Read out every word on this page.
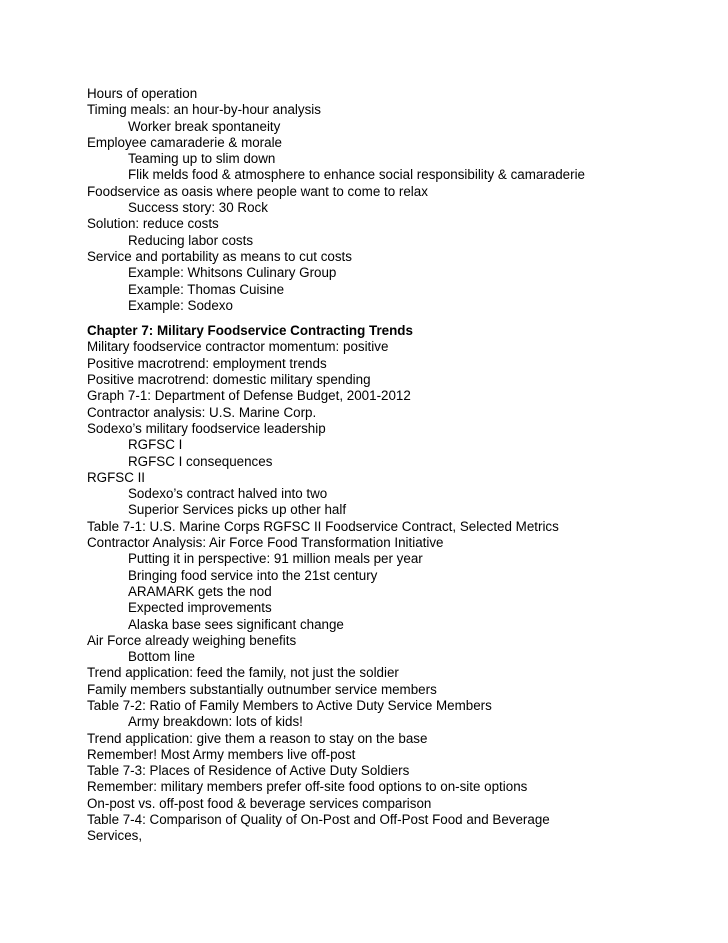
Hours of operation
Timing meals: an hour-by-hour analysis
Worker break spontaneity
Employee camaraderie & morale
Teaming up to slim down
Flik melds food & atmosphere to enhance social responsibility & camaraderie
Foodservice as oasis where people want to come to relax
Success story: 30 Rock
Solution: reduce costs
Reducing labor costs
Service and portability as means to cut costs
Example: Whitsons Culinary Group
Example: Thomas Cuisine
Example: Sodexo
Chapter 7: Military Foodservice Contracting Trends
Military foodservice contractor momentum: positive
Positive macrotrend: employment trends
Positive macrotrend: domestic military spending
Graph 7-1: Department of Defense Budget, 2001-2012
Contractor analysis: U.S. Marine Corp.
Sodexo’s military foodservice leadership
RGFSC I
RGFSC I consequences
RGFSC II
Sodexo’s contract halved into two
Superior Services picks up other half
Table 7-1: U.S. Marine Corps RGFSC II Foodservice Contract, Selected Metrics
Contractor Analysis: Air Force Food Transformation Initiative
Putting it in perspective: 91 million meals per year
Bringing food service into the 21st century
ARAMARK gets the nod
Expected improvements
Alaska base sees significant change
Air Force already weighing benefits
Bottom line
Trend application: feed the family, not just the soldier
Family members substantially outnumber service members
Table 7-2: Ratio of Family Members to Active Duty Service Members
Army breakdown: lots of kids!
Trend application: give them a reason to stay on the base
Remember! Most Army members live off-post
Table 7-3: Places of Residence of Active Duty Soldiers
Remember: military members prefer off-site food options to on-site options
On-post vs. off-post food & beverage services comparison
Table 7-4: Comparison of Quality of On-Post and Off-Post Food and Beverage
Services,
